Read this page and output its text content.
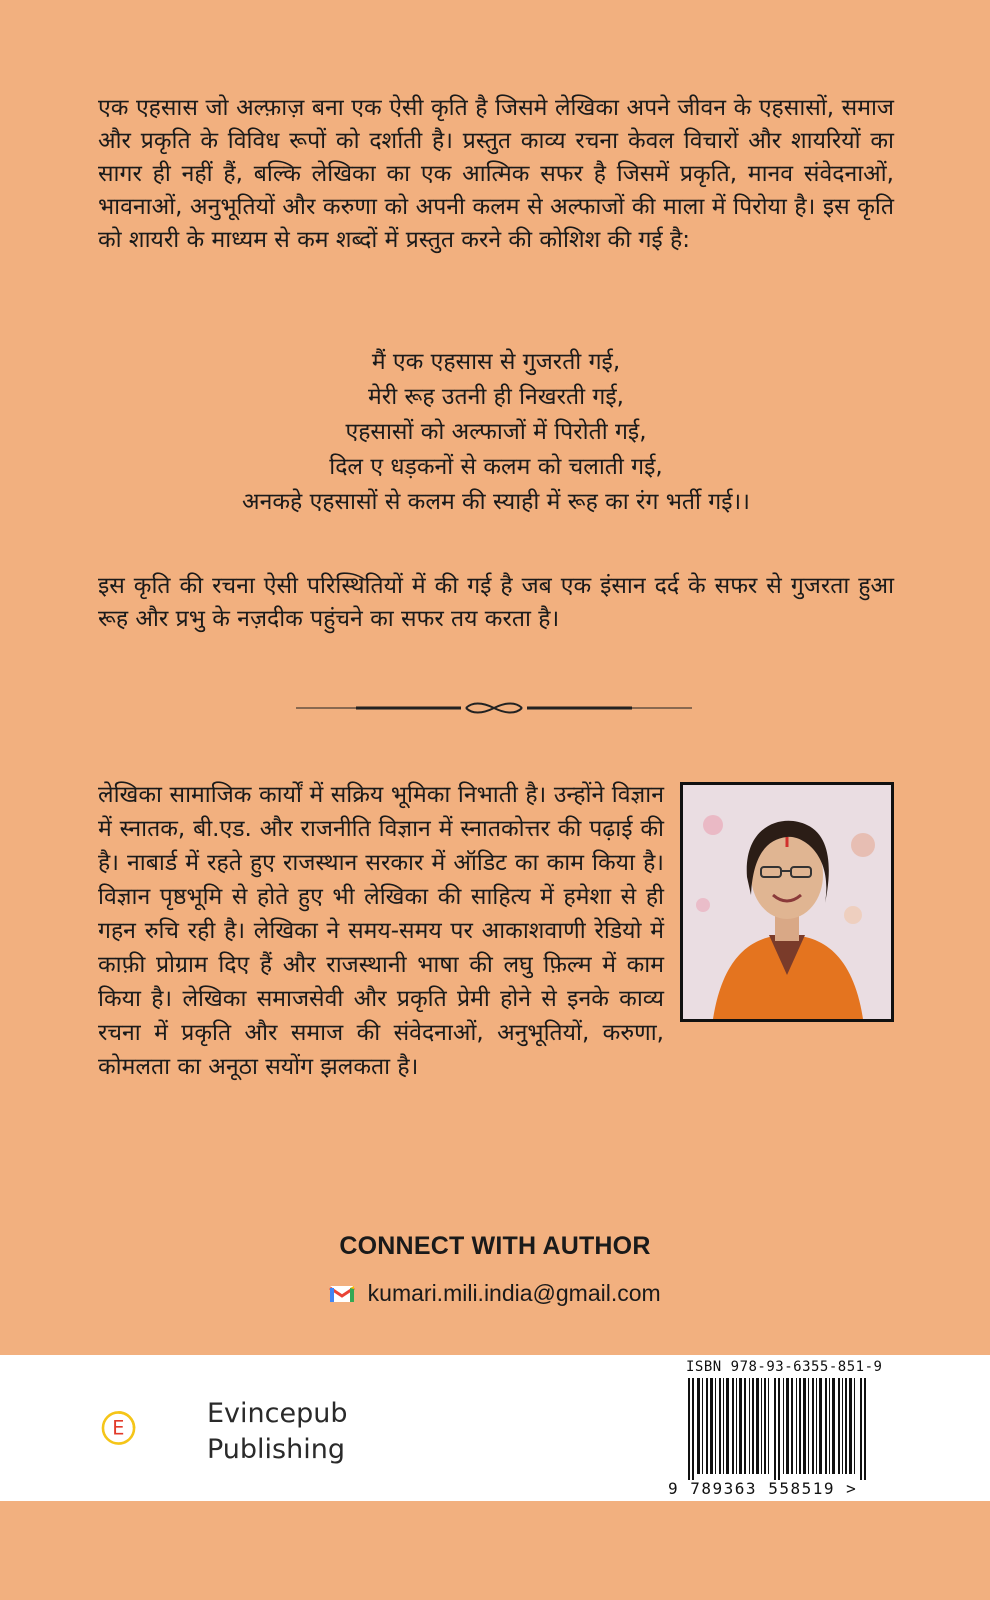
एक एहसास जो अल्फ़ाज़ बना एक ऐसी कृति है जिसमे लेखिका अपने जीवन के एहसासों, समाज और प्रकृति के विविध रूपों को दर्शाती है। प्रस्तुत काव्य रचना केवल विचारों और शायरियों का सागर ही नहीं हैं, बल्कि लेखिका का एक आत्मिक सफर है जिसमें प्रकृति, मानव संवेदनाओं, भावनाओं, अनुभूतियों और करुणा को अपनी कलम से अल्फाजों की माला में पिरोया है। इस कृति को शायरी के माध्यम से कम शब्दों में प्रस्तुत करने की कोशिश की गई है:

मैं एक एहसास से गुजरती गई,
मेरी रूह उतनी ही निखरती गई,
एहसासों को अल्फाजों में पिरोती गई,
दिल ए धड़कनों से कलम को चलाती गई,
अनकहे एहसासों से कलम की स्याही में रूह का रंग भर्ती गई।।

इस कृति की रचना ऐसी परिस्थितियों में की गई है जब एक इंसान दर्द के सफर से गुजरता हुआ रूह और प्रभु के नज़दीक पहुंचने का सफर तय करता है।

लेखिका सामाजिक कार्यों में सक्रिय भूमिका निभाती है। उन्होंने विज्ञान में स्नातक, बी.एड. और राजनीति विज्ञान में स्नातकोत्तर की पढ़ाई की है। नाबार्ड में रहते हुए राजस्थान सरकार में ऑडिट का काम किया है। विज्ञान पृष्ठभूमि से होते हुए भी लेखिका की साहित्य में हमेशा से ही गहन रुचि रही है। लेखिका ने समय-समय पर आकाशवाणी रेडियो में काफ़ी प्रोग्राम दिए हैं और राजस्थानी भाषा की लघु फ़िल्म में काम किया है। लेखिका समाजसेवी और प्रकृति प्रेमी होने से इनके काव्य रचना में प्रकृति और समाज की संवेदनाओं, अनुभूतियों, करुणा, कोमलता का अनूठा सयोंग झलकता है।

CONNECT WITH AUTHOR

kumari.mili.india@gmail.com

E	Evincepub

Publishing

ISBN 978-93-6355-851-9

9 789363 558519 >
